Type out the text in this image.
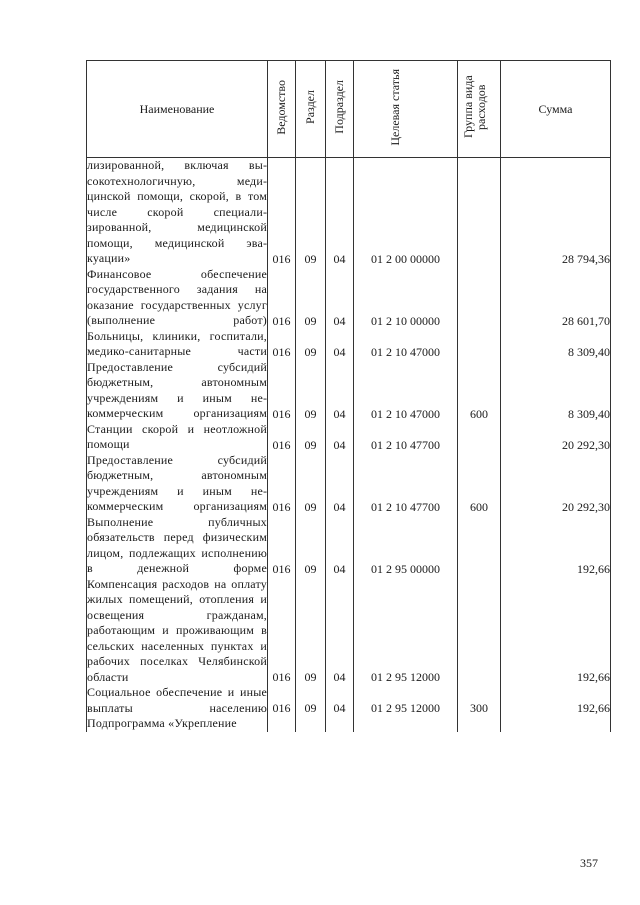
Наименование	Ведомство	Раздел	Подраздел	Целевая статья	Группа вида расходов	Сумма
лизированной, включая высокотехнологичную, медицинской помощи, скорой, в том числе скорой специализированной, медицинской помощи, медицинской эвакуации»	016	09	04	01 2 00 00000		28 794,36
Финансовое обеспечение государственного задания на оказание государственных услуг (выполнение работ)	016	09	04	01 2 10 00000		28 601,70
Больницы, клиники, госпитали, медико-санитарные части	016	09	04	01 2 10 47000		8 309,40
Предоставление субсидий бюджетным, автономным учреждениям и иным некоммерческим организациям	016	09	04	01 2 10 47000	600	8 309,40
Станции скорой и неотложной помощи	016	09	04	01 2 10 47700		20 292,30
Предоставление субсидий бюджетным, автономным учреждениям и иным некоммерческим организациям	016	09	04	01 2 10 47700	600	20 292,30
Выполнение публичных обязательств перед физическим лицом, подлежащих исполнению в денежной форме	016	09	04	01 2 95 00000		192,66
Компенсация расходов на оплату жилых помещений, отопления и освещения гражданам, работающим и проживающим в сельских населенных пунктах и рабочих поселках Челябинской области	016	09	04	01 2 95 12000		192,66
Социальное обеспечение и иные выплаты населению	016	09	04	01 2 95 12000	300	192,66
Подпрограмма «Укрепление						
357
